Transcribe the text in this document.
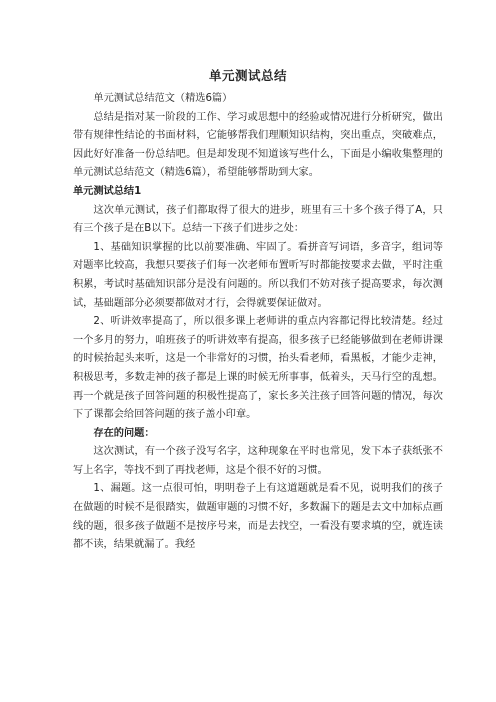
单元测试总结

单元测试总结范文（精选6篇）

总结是指对某一阶段的工作、学习或思想中的经验或情况进行分析研究，做出带有规律性结论的书面材料，它能够帮我们理顺知识结构，突出重点，突破难点，因此好好准备一份总结吧。但是却发现不知道该写些什么，下面是小编收集整理的单元测试总结范文（精选6篇），希望能够帮助到大家。

单元测试总结1

这次单元测试，孩子们都取得了很大的进步，班里有三十多个孩子得了A，只有三个孩子是在B以下。总结一下孩子们进步之处：

1、基础知识掌握的比以前要准确、牢固了。看拼音写词语，多音字，组词等对题率比较高，我想只要孩子们每一次老师布置听写时都能按要求去做，平时注重积累，考试时基础知识部分是没有问题的。所以我们不妨对孩子提高要求，每次测试，基础题部分必须要都做对才行，会得就要保证做对。

2、听讲效率提高了，所以很多课上老师讲的重点内容都记得比较清楚。经过一个多月的努力，咱班孩子的听讲效率有提高，很多孩子已经能够做到在老师讲课的时候抬起头来听，这是一个非常好的习惯，抬头看老师，看黑板，才能少走神，积极思考，多数走神的孩子都是上课的时候无所事事，低着头，天马行空的乱想。再一个就是孩子回答问题的积极性提高了，家长多关注孩子回答问题的情况，每次下了课都会给回答问题的孩子盖小印章。

存在的问题：

这次测试，有一个孩子没写名字，这种现象在平时也常见，发下本子获纸张不写上名字，等找不到了再找老师，这是个很不好的习惯。

1、漏题。这一点很可怕，明明卷子上有这道题就是看不见，说明我们的孩子在做题的时候不是很踏实，做题审题的习惯不好，多数漏下的题是去文中加标点画线的题，很多孩子做题不是按序号来，而是去找空，一看没有要求填的空，就连读都不读，结果就漏了。我经
